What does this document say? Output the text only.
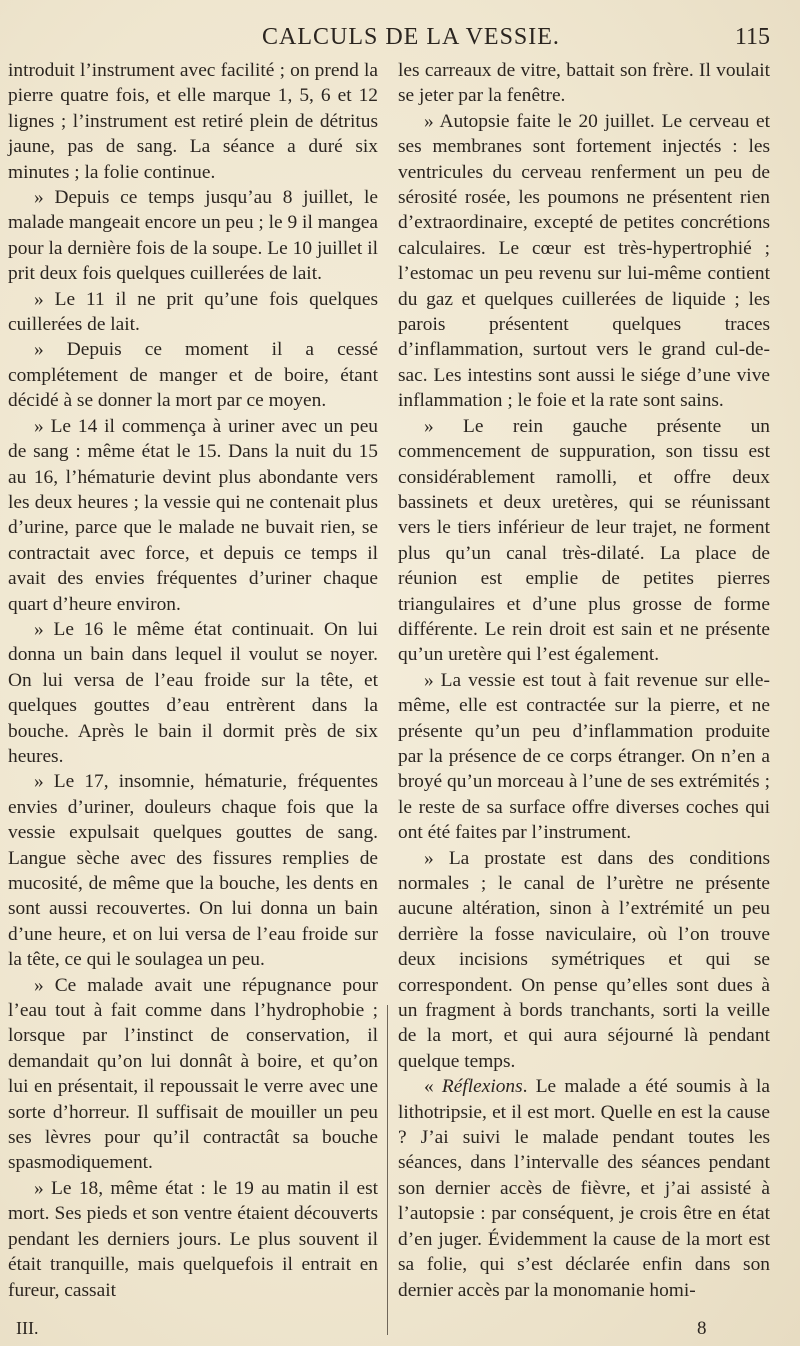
CALCULS DE LA VESSIE.	115

introduit l’instrument avec facilité ; on prend la pierre quatre fois, et elle marque 1, 5, 6 et 12 lignes ; l’instrument est retiré plein de détritus jaune, pas de sang. La séance a duré six minutes ; la folie continue.

» Depuis ce temps jusqu’au 8 juillet, le malade mangeait encore un peu ; le 9 il mangea pour la dernière fois de la soupe. Le 10 juillet il prit deux fois quelques cuillerées de lait.

» Le 11 il ne prit qu’une fois quelques cuillerées de lait.

» Depuis ce moment il a cessé complétement de manger et de boire, étant décidé à se donner la mort par ce moyen.

» Le 14 il commença à uriner avec un peu de sang : même état le 15. Dans la nuit du 15 au 16, l’hématurie devint plus abondante vers les deux heures ; la vessie qui ne contenait plus d’urine, parce que le malade ne buvait rien, se contractait avec force, et depuis ce temps il avait des envies fréquentes d’uriner chaque quart d’heure environ.

» Le 16 le même état continuait. On lui donna un bain dans lequel il voulut se noyer. On lui versa de l’eau froide sur la tête, et quelques gouttes d’eau entrèrent dans la bouche. Après le bain il dormit près de six heures.

» Le 17, insomnie, hématurie, fréquentes envies d’uriner, douleurs chaque fois que la vessie expulsait quelques gouttes de sang. Langue sèche avec des fissures remplies de mucosité, de même que la bouche, les dents en sont aussi recouvertes. On lui donna un bain d’une heure, et on lui versa de l’eau froide sur la tête, ce qui le soulagea un peu.

» Ce malade avait une répugnance pour l’eau tout à fait comme dans l’hydrophobie ; lorsque par l’instinct de conservation, il demandait qu’on lui donnât à boire, et qu’on lui en présentait, il repoussait le verre avec une sorte d’horreur. Il suffisait de mouiller un peu ses lèvres pour qu’il contractât sa bouche spasmodiquement.

» Le 18, même état : le 19 au matin il est mort. Ses pieds et son ventre étaient découverts pendant les derniers jours. Le plus souvent il était tranquille, mais quelquefois il entrait en fureur, cassait

les carreaux de vitre, battait son frère. Il voulait se jeter par la fenêtre.

» Autopsie faite le 20 juillet. Le cerveau et ses membranes sont fortement injectés : les ventricules du cerveau renferment un peu de sérosité rosée, les poumons ne présentent rien d’extraordinaire, excepté de petites concrétions calculaires. Le cœur est très-hypertrophié ; l’estomac un peu revenu sur lui-même contient du gaz et quelques cuillerées de liquide ; les parois présentent quelques traces d’inflammation, surtout vers le grand cul-de-sac. Les intestins sont aussi le siége d’une vive inflammation ; le foie et la rate sont sains.

» Le rein gauche présente un commencement de suppuration, son tissu est considérablement ramolli, et offre deux bassinets et deux uretères, qui se réunissant vers le tiers inférieur de leur trajet, ne forment plus qu’un canal très-dilaté. La place de réunion est emplie de petites pierres triangulaires et d’une plus grosse de forme différente. Le rein droit est sain et ne présente qu’un uretère qui l’est également.

» La vessie est tout à fait revenue sur elle-même, elle est contractée sur la pierre, et ne présente qu’un peu d’inflammation produite par la présence de ce corps étranger. On n’en a broyé qu’un morceau à l’une de ses extrémités ; le reste de sa surface offre diverses coches qui ont été faites par l’instrument.

» La prostate est dans des conditions normales ; le canal de l’urètre ne présente aucune altération, sinon à l’extrémité un peu derrière la fosse naviculaire, où l’on trouve deux incisions symétriques et qui se correspondent. On pense qu’elles sont dues à un fragment à bords tranchants, sorti la veille de la mort, et qui aura séjourné là pendant quelque temps.

« Réflexions. Le malade a été soumis à la lithotripsie, et il est mort. Quelle en est la cause ? J’ai suivi le malade pendant toutes les séances, dans l’intervalle des séances pendant son dernier accès de fièvre, et j’ai assisté à l’autopsie : par conséquent, je crois être en état d’en juger. Évidemment la cause de la mort est sa folie, qui s’est déclarée enfin dans son dernier accès par la monomanie homi-

III.	8
